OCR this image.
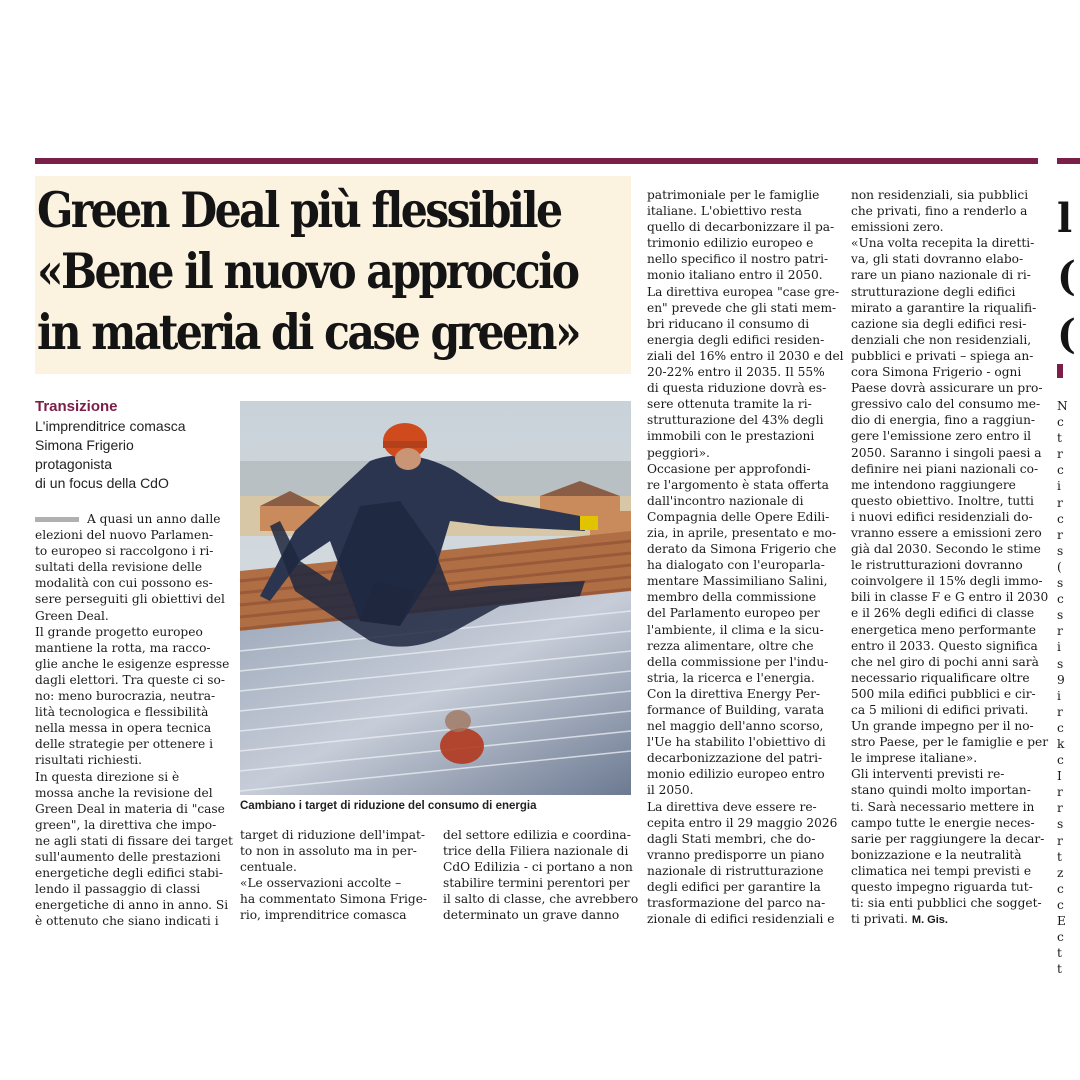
Green Deal più flessibile
«Bene il nuovo approccio
in materia di case green»
Transizione
L'imprenditrice comasca
Simona Frigerio
protagonista
di un focus della CdO
A quasi un anno dalle
elezioni del nuovo Parlamen-
to europeo si raccolgono i ri-
sultati della revisione delle
modalità con cui possono es-
sere perseguiti gli obiettivi del
Green Deal.
Il grande progetto europeo
mantiene la rotta, ma racco-
glie anche le esigenze espresse
dagli elettori. Tra queste ci so-
no: meno burocrazia, neutra-
lità tecnologica e flessibilità
nella messa in opera tecnica
delle strategie per ottenere i
risultati richiesti.
In questa direzione si è
mossa anche la revisione del
Green Deal in materia di "case
green", la direttiva che impo-
ne agli stati di fissare dei target
sull'aumento delle prestazioni
energetiche degli edifici stabi-
lendo il passaggio di classi
energetiche di anno in anno. Si
è ottenuto che siano indicati i
target di riduzione dell'impat-
to non in assoluto ma in per-
centuale.
«Le osservazioni accolte –
ha commentato Simona Frige-
rio, imprenditrice comasca
del settore edilizia e coordina-
trice della Filiera nazionale di
CdO Edilizia - ci portano a non
stabilire termini perentori per
il salto di classe, che avrebbero
determinato un grave danno
patrimoniale per le famiglie
italiane. L'obiettivo resta
quello di decarbonizzare il pa-
trimonio edilizio europeo e
nello specifico il nostro patri-
monio italiano entro il 2050.
La direttiva europea "case gre-
en" prevede che gli stati mem-
bri riducano il consumo di
energia degli edifici residen-
ziali del 16% entro il 2030 e del
20-22% entro il 2035. Il 55%
di questa riduzione dovrà es-
sere ottenuta tramite la ri-
strutturazione del 43% degli
immobili con le prestazioni
peggiori».
Occasione per approfondi-
re l'argomento è stata offerta
dall'incontro nazionale di
Compagnia delle Opere Edili-
zia, in aprile, presentato e mo-
derato da Simona Frigerio che
ha dialogato con l'europarla-
mentare Massimiliano Salini,
membro della commissione
del Parlamento europeo per
l'ambiente, il clima e la sicu-
rezza alimentare, oltre che
della commissione per l'indu-
stria, la ricerca e l'energia.
Con la direttiva Energy Per-
formance of Building, varata
nel maggio dell'anno scorso,
l'Ue ha stabilito l'obiettivo di
decarbonizzazione del patri-
monio edilizio europeo entro
il 2050.
La direttiva deve essere re-
cepita entro il 29 maggio 2026
dagli Stati membri, che do-
vranno predisporre un piano
nazionale di ristrutturazione
degli edifici per garantire la
trasformazione del parco na-
zionale di edifici residenziali e
non residenziali, sia pubblici
che privati, fino a renderlo a
emissioni zero.
«Una volta recepita la diretti-
va, gli stati dovranno elabo-
rare un piano nazionale di ri-
strutturazione degli edifici
mirato a garantire la riqualifi-
cazione sia degli edifici resi-
denziali che non residenziali,
pubblici e privati – spiega an-
cora Simona Frigerio - ogni
Paese dovrà assicurare un pro-
gressivo calo del consumo me-
dio di energia, fino a raggiun-
gere l'emissione zero entro il
2050. Saranno i singoli paesi a
definire nei piani nazionali co-
me intendono raggiungere
questo obiettivo. Inoltre, tutti
i nuovi edifici residenziali do-
vranno essere a emissioni zero
già dal 2030. Secondo le stime
le ristrutturazioni dovranno
coinvolgere il 15% degli immo-
bili in classe F e G entro il 2030
e il 26% degli edifici di classe
energetica meno performante
entro il 2033. Questo significa
che nel giro di pochi anni sarà
necessario riqualificare oltre
500 mila edifici pubblici e cir-
ca 5 milioni di edifici privati.
Un grande impegno per il no-
stro Paese, per le famiglie e per
le imprese italiane».
Gli interventi previsti re-
stano quindi molto importan-
ti. Sarà necessario mettere in
campo tutte le energie neces-
sarie per raggiungere la decar-
bonizzazione e la neutralità
climatica nei tempi previsti e
questo impegno riguarda tut-
ti: sia enti pubblici che sogget-
ti privati. M. Gis.
Cambiano i target di riduzione del consumo di energia
l
(
(
N
c
t
r
c
i
r
c
r
s
(
s
c
s
r
i
s
9
i
r
c
k
c
I
r
r
s
r
t
z
c
c
E
c
t
t
